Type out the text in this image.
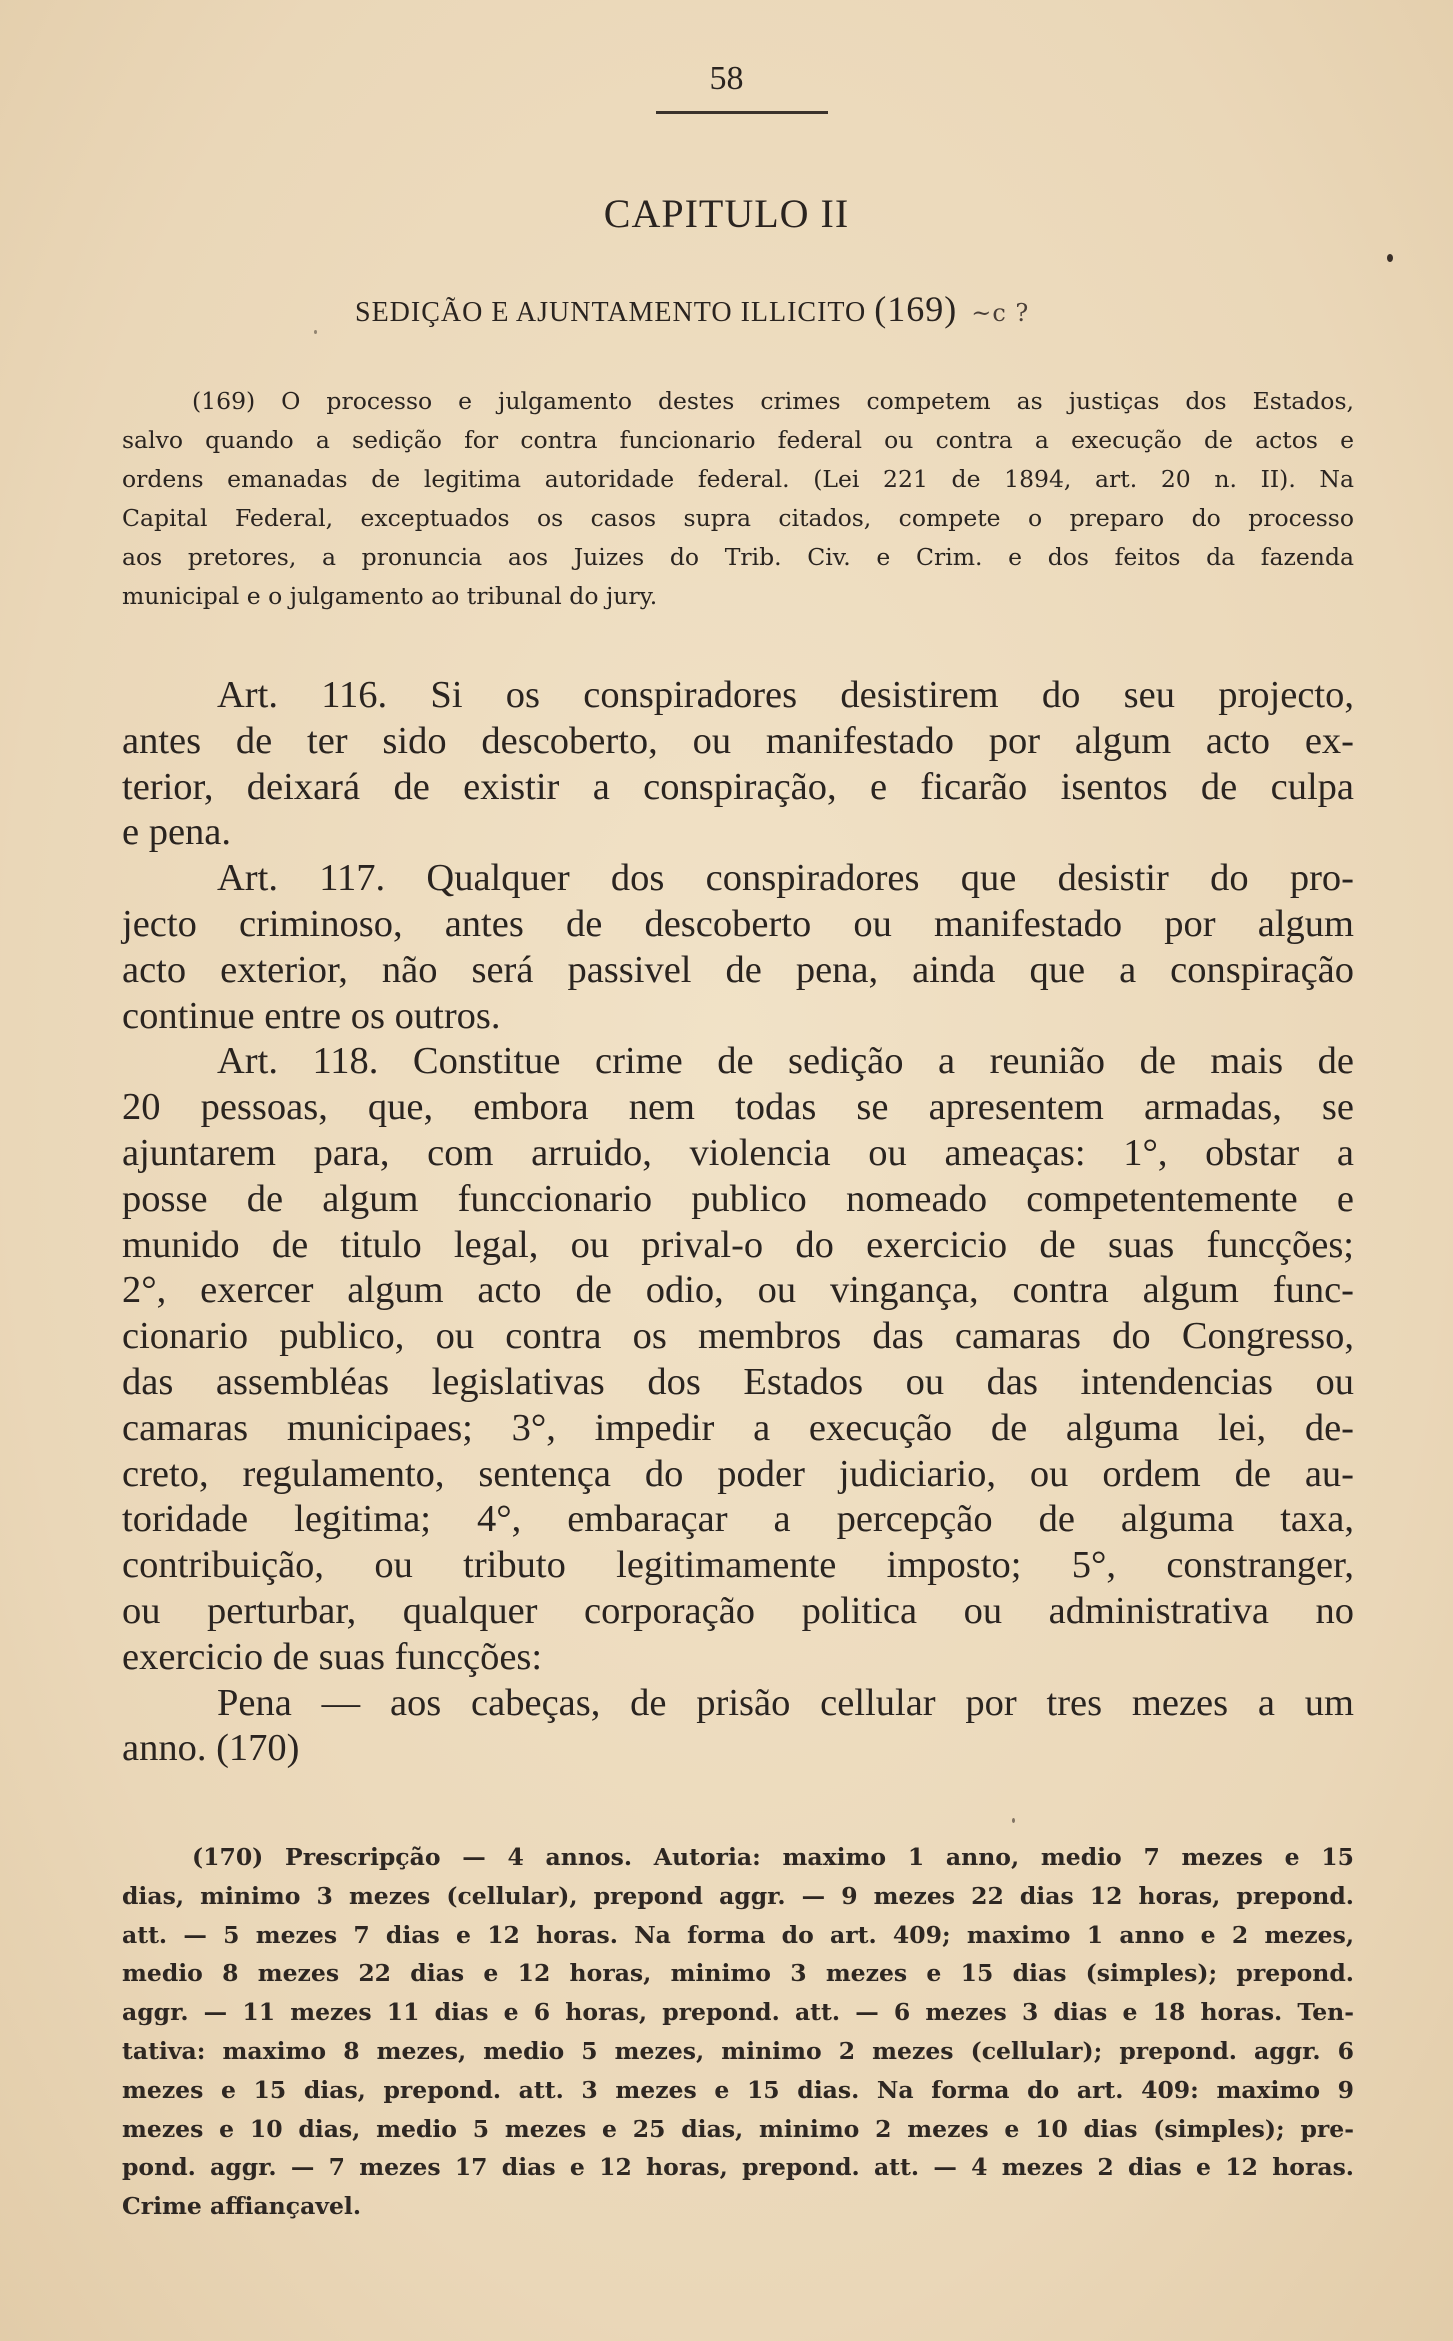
58
CAPITULO II
SEDIÇÃO E AJUNTAMENTO ILLICITO (169) ~c ?
(169) O processo e julgamento destes crimes competem as justiças dos Estados,
salvo quando a sedição for contra funcionario federal ou contra a execução de actos e
ordens emanadas de legitima autoridade federal. (Lei 221 de 1894, art. 20 n. II). Na
Capital Federal, exceptuados os casos supra citados, compete o preparo do processo
aos pretores, a pronuncia aos Juizes do Trib. Civ. e Crim. e dos feitos da fazenda
municipal e o julgamento ao tribunal do jury.
Art. 116. Si os conspiradores desistirem do seu projecto,
antes de ter sido descoberto, ou manifestado por algum acto ex-
terior, deixará de existir a conspiração, e ficarão isentos de culpa
e pena.
Art. 117. Qualquer dos conspiradores que desistir do pro-
jecto criminoso, antes de descoberto ou manifestado por algum
acto exterior, não será passivel de pena, ainda que a conspiração
continue entre os outros.
Art. 118. Constitue crime de sedição a reunião de mais de
20 pessoas, que, embora nem todas se apresentem armadas, se
ajuntarem para, com arruido, violencia ou ameaças: 1°, obstar a
posse de algum funccionario publico nomeado competentemente e
munido de titulo legal, ou prival-o do exercicio de suas funcções;
2°, exercer algum acto de odio, ou vingança, contra algum func-
cionario publico, ou contra os membros das camaras do Congresso,
das assembléas legislativas dos Estados ou das intendencias ou
camaras municipaes; 3°, impedir a execução de alguma lei, de-
creto, regulamento, sentença do poder judiciario, ou ordem de au-
toridade legitima; 4°, embaraçar a percepção de alguma taxa,
contribuição, ou tributo legitimamente imposto; 5°, constranger,
ou perturbar, qualquer corporação politica ou administrativa no
exercicio de suas funcções:
Pena — aos cabeças, de prisão cellular por tres mezes a um
anno. (170)
(170) Prescripção — 4 annos. Autoria: maximo 1 anno, medio 7 mezes e 15
dias, minimo 3 mezes (cellular), prepond aggr. — 9 mezes 22 dias 12 horas, prepond.
att. — 5 mezes 7 dias e 12 horas. Na forma do art. 409; maximo 1 anno e 2 mezes,
medio 8 mezes 22 dias e 12 horas, minimo 3 mezes e 15 dias (simples); prepond.
aggr. — 11 mezes 11 dias e 6 horas, prepond. att. — 6 mezes 3 dias e 18 horas. Ten-
tativa: maximo 8 mezes, medio 5 mezes, minimo 2 mezes (cellular); prepond. aggr. 6
mezes e 15 dias, prepond. att. 3 mezes e 15 dias. Na forma do art. 409: maximo 9
mezes e 10 dias, medio 5 mezes e 25 dias, minimo 2 mezes e 10 dias (simples); pre-
pond. aggr. — 7 mezes 17 dias e 12 horas, prepond. att. — 4 mezes 2 dias e 12 horas.
Crime affiançavel.
